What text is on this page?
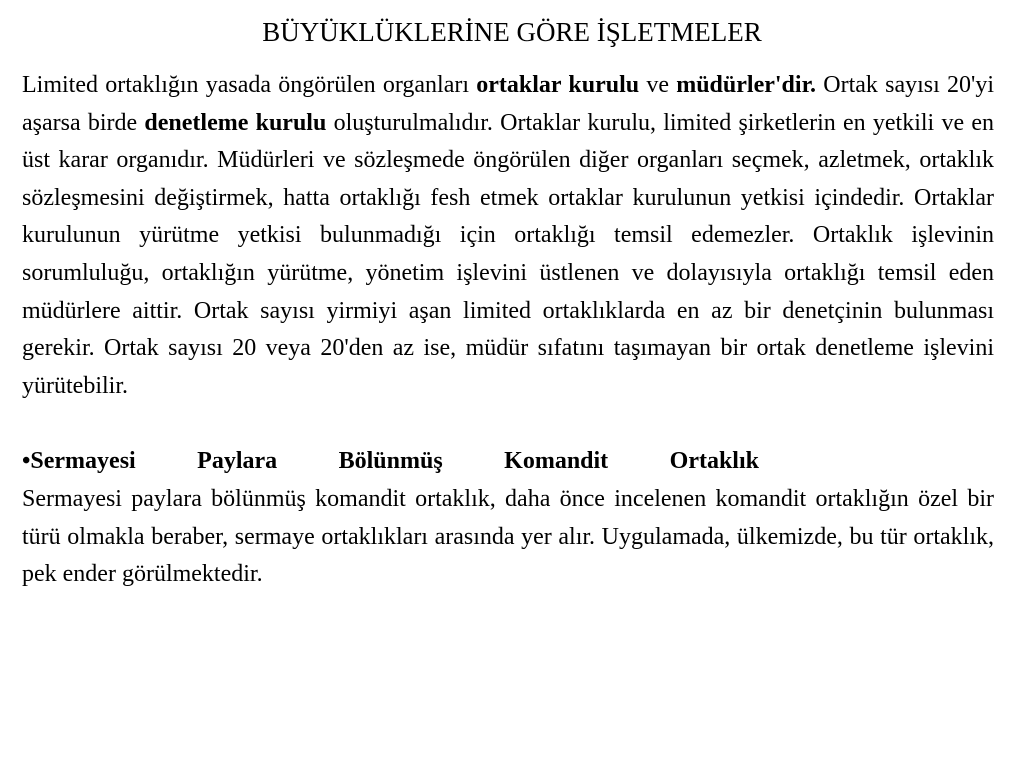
BÜYÜKLÜKLERİNE GÖRE İŞLETMELER

Limited ortaklığın yasada öngörülen organları ortaklar kurulu ve müdürler'dir. Ortak sayısı 20'yi aşarsa birde denetleme kurulu oluşturulmalıdır. Ortaklar kurulu, limited şirketlerin en yetkili ve en üst karar organıdır. Müdürleri ve sözleşmede öngörülen diğer organları seçmek, azletmek, ortaklık sözleşmesini değiştirmek, hatta ortaklığı fesh etmek ortaklar kurulunun yetkisi içindedir. Ortaklar kurulunun yürütme yetkisi bulunmadığı için ortaklığı temsil edemezler. Ortaklık işlevinin sorumluluğu, ortaklığın yürütme, yönetim işlevini üstlenen ve dolayısıyla ortaklığı temsil eden müdürlere aittir. Ortak sayısı yirmiyi aşan limited ortaklıklarda en az bir denetçinin bulunması gerekir. Ortak sayısı 20 veya 20'den az ise, müdür sıfatını taşımayan bir ortak denetleme işlevini yürütebilir.

•Sermayesi Paylara Bölünmüş Komandit Ortaklık

Sermayesi paylara bölünmüş komandit ortaklık, daha önce incelenen komandit ortaklığın özel bir türü olmakla beraber, sermaye ortaklıkları arasında yer alır. Uygulamada, ülkemizde, bu tür ortaklık, pek ender görülmektedir.
